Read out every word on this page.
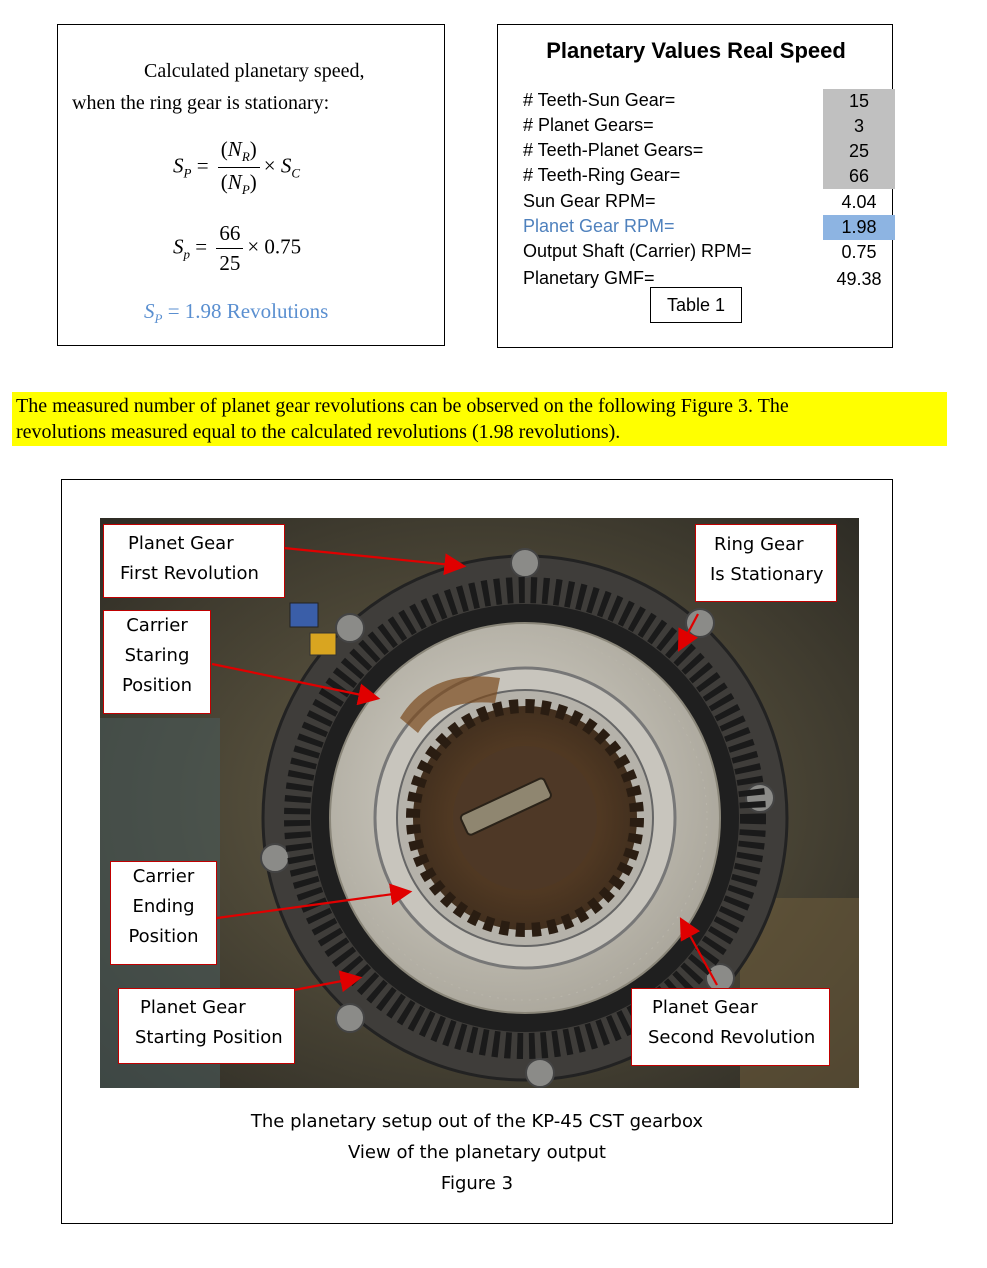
Calculated planetary speed,
when the ring gear is stationary:
$S_P = \frac{(N_R)}{(N_P)} \times S_C$
$S_p = \frac{66}{25} \times 0.75$
$S_P = 1.98$ Revolutions
Planetary Values Real Speed
# Teeth-Sun Gear=	15
# Planet Gears=	3
# Teeth-Planet Gears=	25
# Teeth-Ring Gear=	66
Sun Gear RPM=	4.04
Planet Gear RPM=	1.98
Output Shaft (Carrier) RPM=	0.75
Planetary GMF=	49.38
Table 1
The measured number of planet gear revolutions can be observed on the following Figure 3. The
revolutions measured equal to the calculated revolutions (1.98 revolutions).
Planet Gear
First Revolution
Ring Gear
Is Stationary
Carrier
Staring
Position
Carrier
Ending
Position
Planet Gear
Starting Position
Planet Gear
Second Revolution
The planetary setup out of the KP-45 CST gearbox
View of the planetary output
Figure 3
